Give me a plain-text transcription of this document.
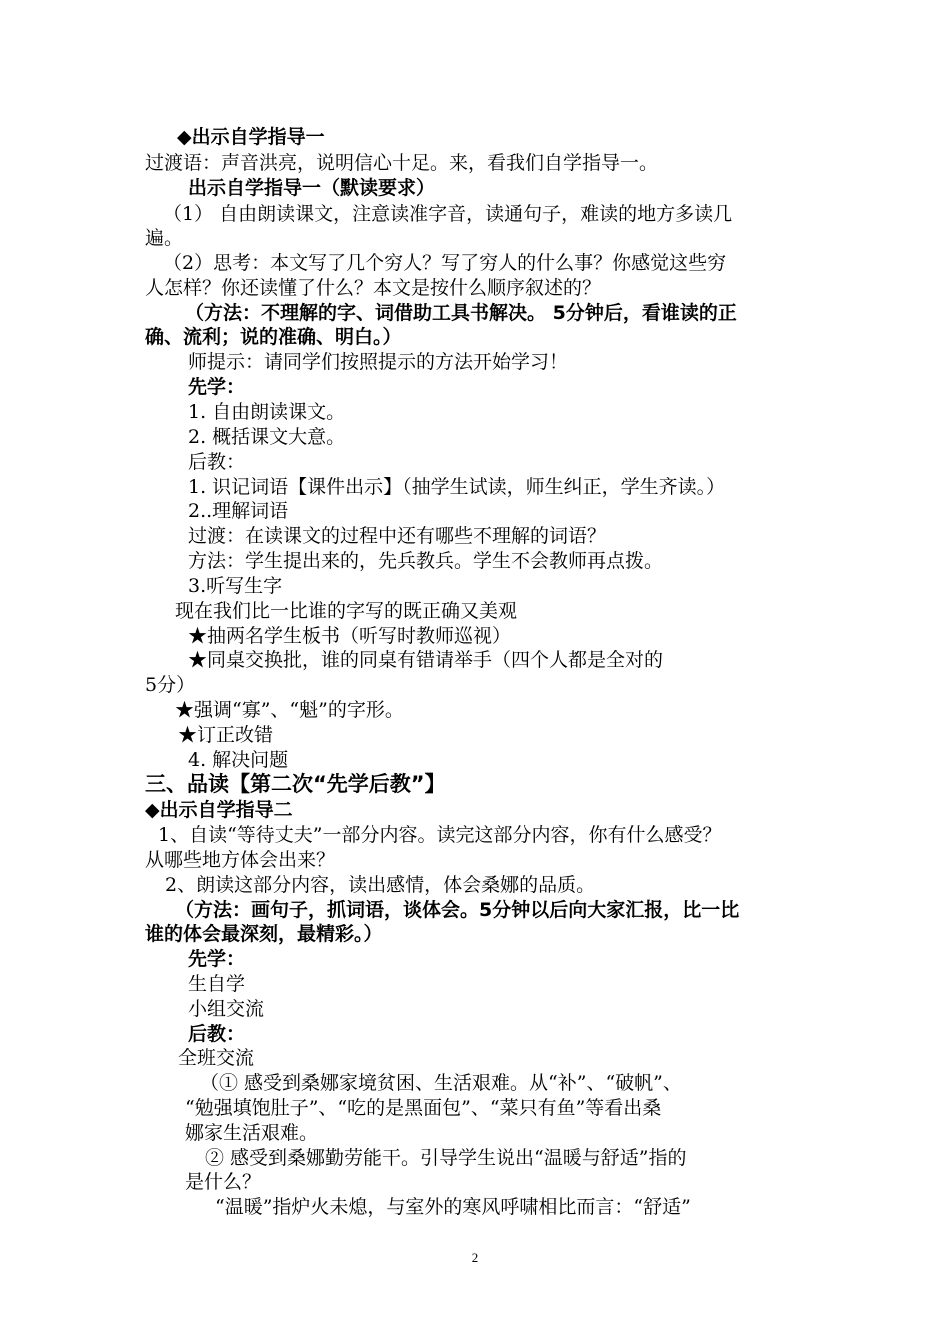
◆出示自学指导一

过渡语：声音洪亮，说明信心十足。来，看我们自学指导一。

出示自学指导一（默读要求）

（1） 自由朗读课文，注意读准字音，读通句子，难读的地方多读几

遍。

（2）思考：本文写了几个穷人？写了穷人的什么事？你感觉这些穷

人怎样？你还读懂了什么？本文是按什么顺序叙述的？

（方法：不理解的字、词借助工具书解决。 5分钟后，看谁读的正

确、流利；说的准确、明白。）

师提示：请同学们按照提示的方法开始学习！

先学：

1. 自由朗读课文。

2. 概括课文大意。

后教：

1. 识记词语【课件出示】（抽学生试读，师生纠正，学生齐读。）

2..理解词语

过渡：在读课文的过程中还有哪些不理解的词语？

方法：学生提出来的，先兵教兵。学生不会教师再点拨。

3.听写生字

现在我们比一比谁的字写的既正确又美观

★抽两名学生板书（听写时教师巡视）

★同桌交换批，谁的同桌有错请举手（四个人都是全对的

5分）

★强调“寡”、“魁”的字形。

★订正改错

4. 解决问题

三、品读【第二次“先学后教”】

◆出示自学指导二

1、自读“等待丈夫”一部分内容。读完这部分内容，你有什么感受？

从哪些地方体会出来？

2、朗读这部分内容，读出感情，体会桑娜的品质。

（方法：画句子，抓词语，谈体会。5分钟以后向大家汇报，比一比

谁的体会最深刻，最精彩。）

先学：

生自学

小组交流

后教：

全班交流

（① 感受到桑娜家境贫困、生活艰难。从“补”、“破帆”、

“勉强填饱肚子”、“吃的是黑面包”、“菜只有鱼”等看出桑

娜家生活艰难。

② 感受到桑娜勤劳能干。引导学生说出“温暖与舒适”指的

是什么？

“温暖”指炉火未熄，与室外的寒风呼啸相比而言：“舒适”

2
